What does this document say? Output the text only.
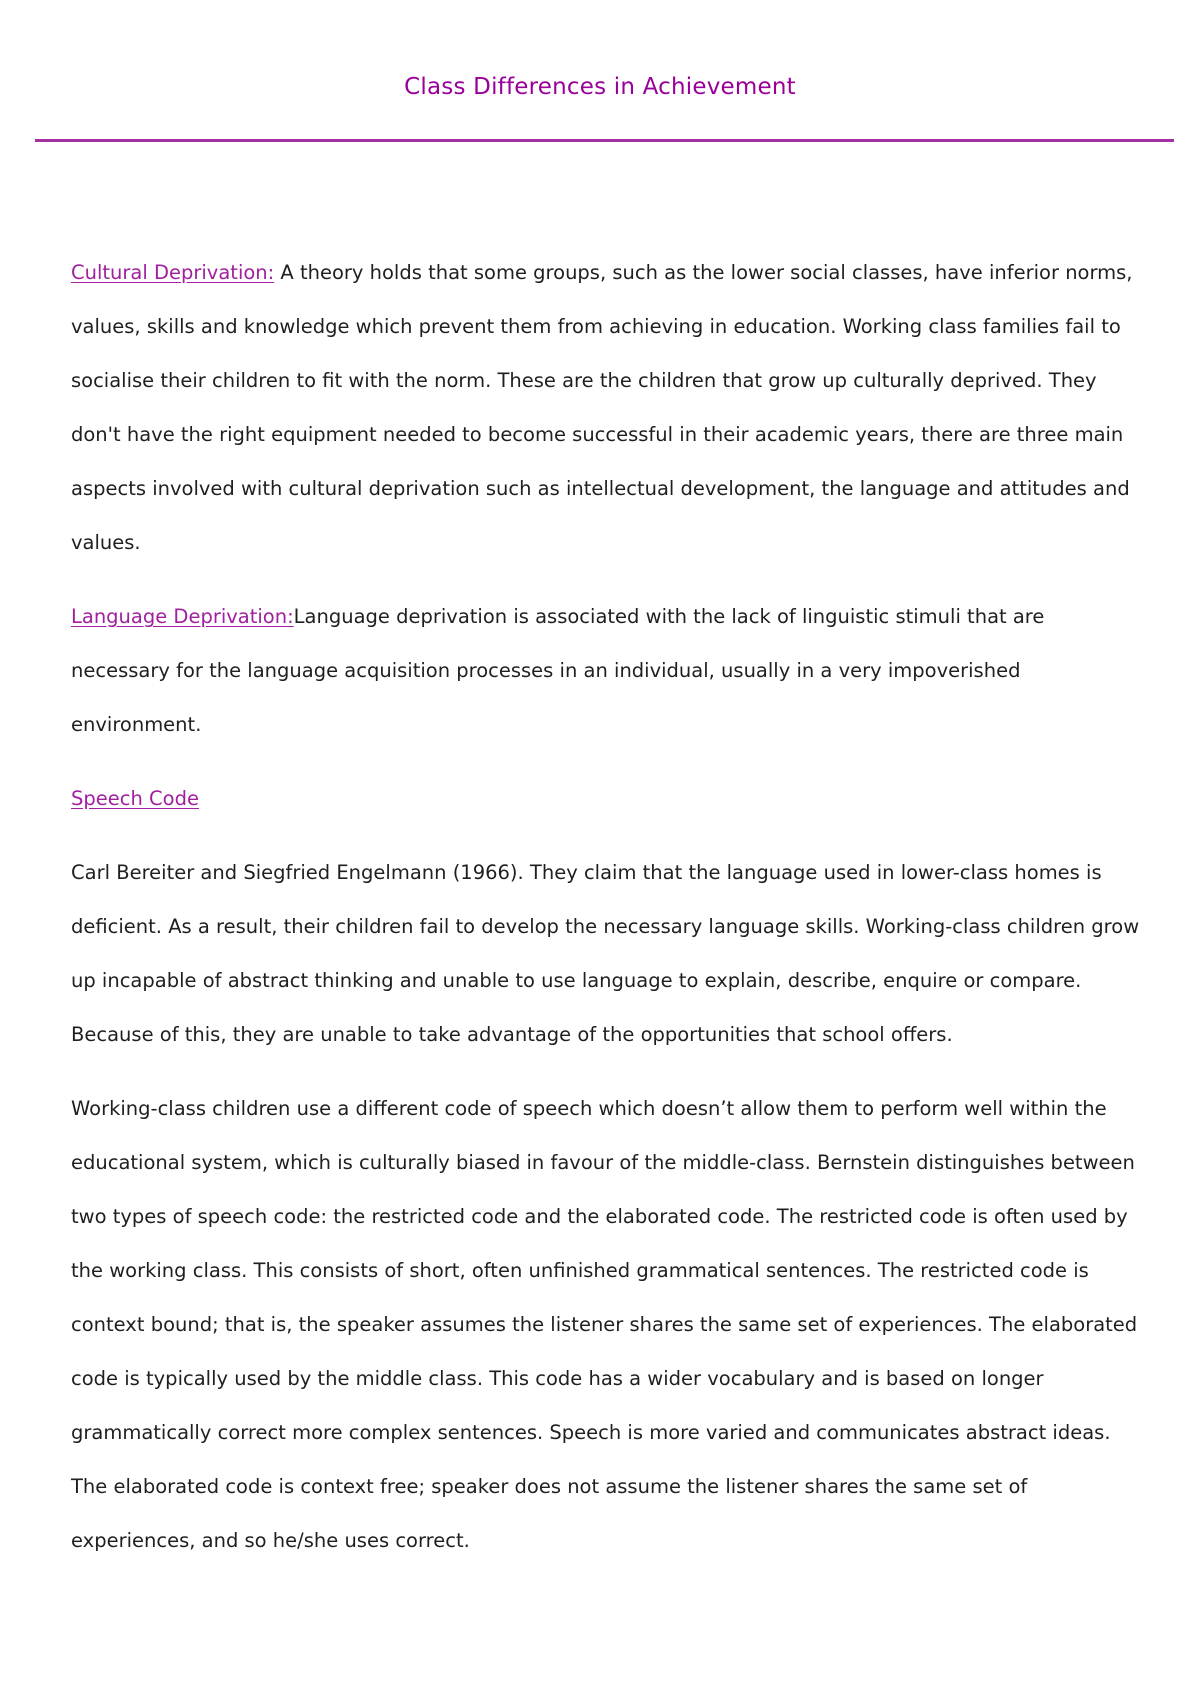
Class Differences in Achievement

Cultural Deprivation: A theory holds that some groups, such as the lower social classes, have inferior norms, values, skills and knowledge which prevent them from achieving in education. Working class families fail to socialise their children to fit with the norm. These are the children that grow up culturally deprived. They don't have the right equipment needed to become successful in their academic years, there are three main aspects involved with cultural deprivation such as intellectual development, the language and attitudes and values.

Language Deprivation:Language deprivation is associated with the lack of linguistic stimuli that are necessary for the language acquisition processes in an individual, usually in a very impoverished environment.

Speech Code

Carl Bereiter and Siegfried Engelmann (1966). They claim that the language used in lower-class homes is deficient. As a result, their children fail to develop the necessary language skills. Working-class children grow up incapable of abstract thinking and unable to use language to explain, describe, enquire or compare. Because of this, they are unable to take advantage of the opportunities that school offers.

Working-class children use a different code of speech which doesn’t allow them to perform well within the educational system, which is culturally biased in favour of the middle-class. Bernstein distinguishes between two types of speech code: the restricted code and the elaborated code. The restricted code is often used by the working class. This consists of short, often unfinished grammatical sentences. The restricted code is context bound; that is, the speaker assumes the listener shares the same set of experiences. The elaborated code is typically used by the middle class. This code has a wider vocabulary and is based on longer grammatically correct more complex sentences. Speech is more varied and communicates abstract ideas. The elaborated code is context free; speaker does not assume the listener shares the same set of experiences, and so he/she uses correct.
